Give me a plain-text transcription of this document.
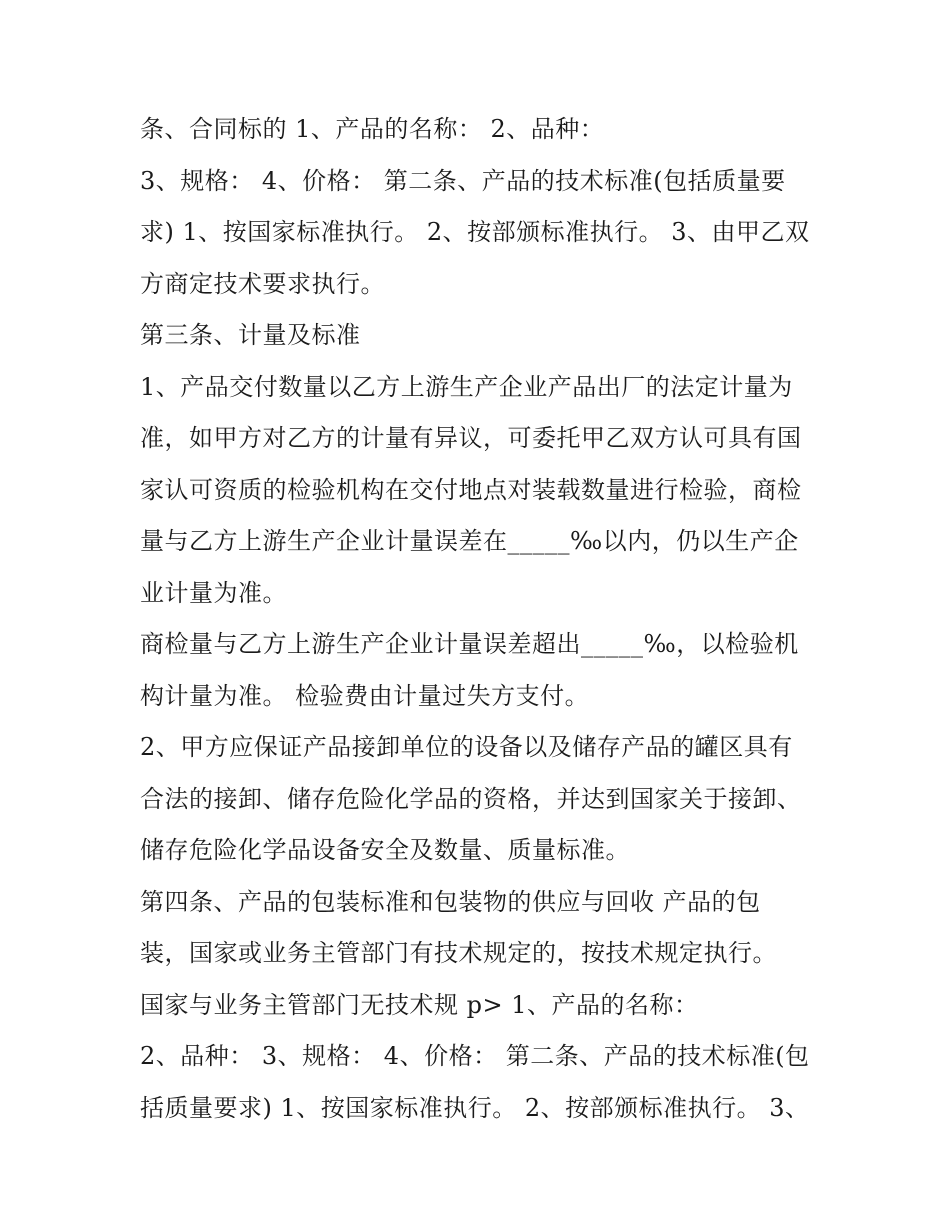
条、合同标的 1、产品的名称： 2、品种：
3、规格： 4、价格： 第二条、产品的技术标准(包括质量要
求) 1、按国家标准执行。 2、按部颁标准执行。 3、由甲乙双
方商定技术要求执行。
第三条、计量及标准
1、产品交付数量以乙方上游生产企业产品出厂的法定计量为
准，如甲方对乙方的计量有异议，可委托甲乙双方认可具有国
家认可资质的检验机构在交付地点对装载数量进行检验，商检
量与乙方上游生产企业计量误差在_____‰以内，仍以生产企
业计量为准。
商检量与乙方上游生产企业计量误差超出_____‰，以检验机
构计量为准。 检验费由计量过失方支付。
2、甲方应保证产品接卸单位的设备以及储存产品的罐区具有
合法的接卸、储存危险化学品的资格，并达到国家关于接卸、
储存危险化学品设备安全及数量、质量标准。
第四条、产品的包装标准和包装物的供应与回收 产品的包
装，国家或业务主管部门有技术规定的，按技术规定执行。
国家与业务主管部门无技术规 p> 1、产品的名称：
2、品种： 3、规格： 4、价格： 第二条、产品的技术标准(包
括质量要求) 1、按国家标准执行。 2、按部颁标准执行。 3、
